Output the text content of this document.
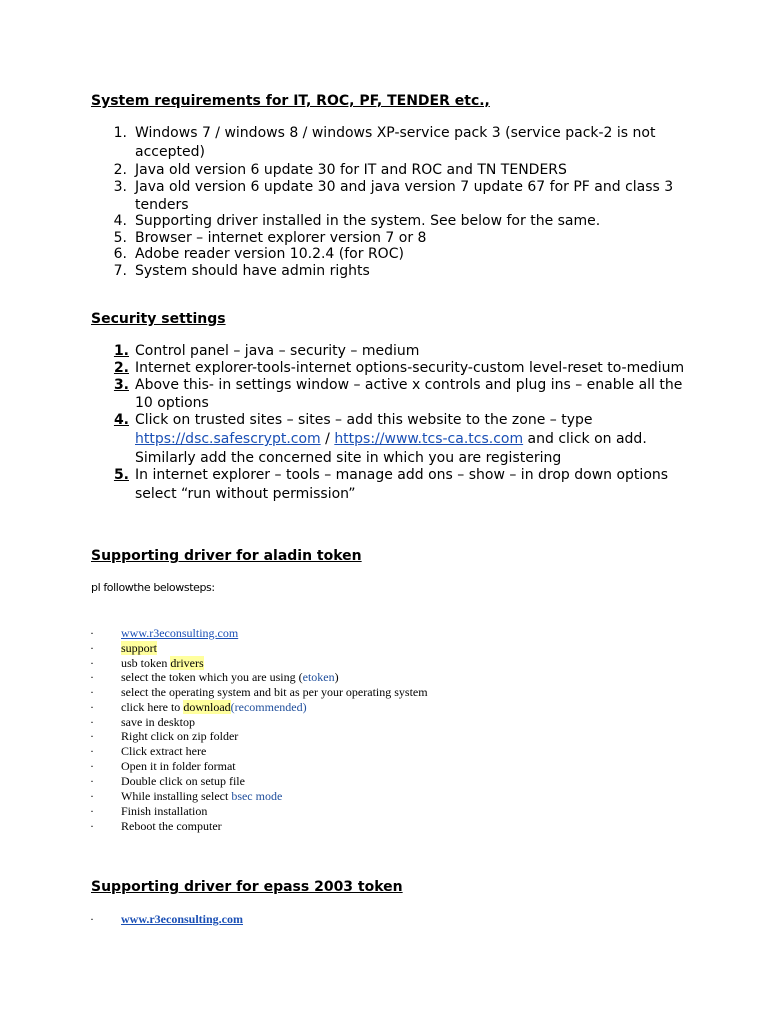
System requirements for IT, ROC, PF, TENDER etc.,
1. Windows 7 / windows 8 / windows XP-service pack 3 (service pack-2 is not
accepted)
2. Java old version 6 update 30 for IT and ROC and TN TENDERS
3. Java old version 6 update 30 and java version 7 update 67 for PF and class 3
tenders
4. Supporting driver installed in the system. See below for the same.
5. Browser – internet explorer version 7 or 8
6. Adobe reader version 10.2.4 (for ROC)
7. System should have admin rights
Security settings
1. Control panel – java – security – medium
2. Internet explorer-tools-internet options-security-custom level-reset to-medium
3. Above this- in settings window – active x controls and plug ins – enable all the
10 options
4. Click on trusted sites – sites – add this website to the zone – type
https://dsc.safescrypt.com / https://www.tcs-ca.tcs.com and click on add.
Similarly add the concerned site in which you are registering
5. In internet explorer – tools – manage add ons – show – in drop down options
select “run without permission”
Supporting driver for aladin token
pl followthe belowsteps:
· www.r3econsulting.com
· support
· usb token drivers
· select the token which you are using (etoken)
· select the operating system and bit as per your operating system
· click here to download(recommended)
· save in desktop
· Right click on zip folder
· Click extract here
· Open it in folder format
· Double click on setup file
· While installing select bsec mode
· Finish installation
· Reboot the computer
Supporting driver for epass 2003 token
· www.r3econsulting.com
